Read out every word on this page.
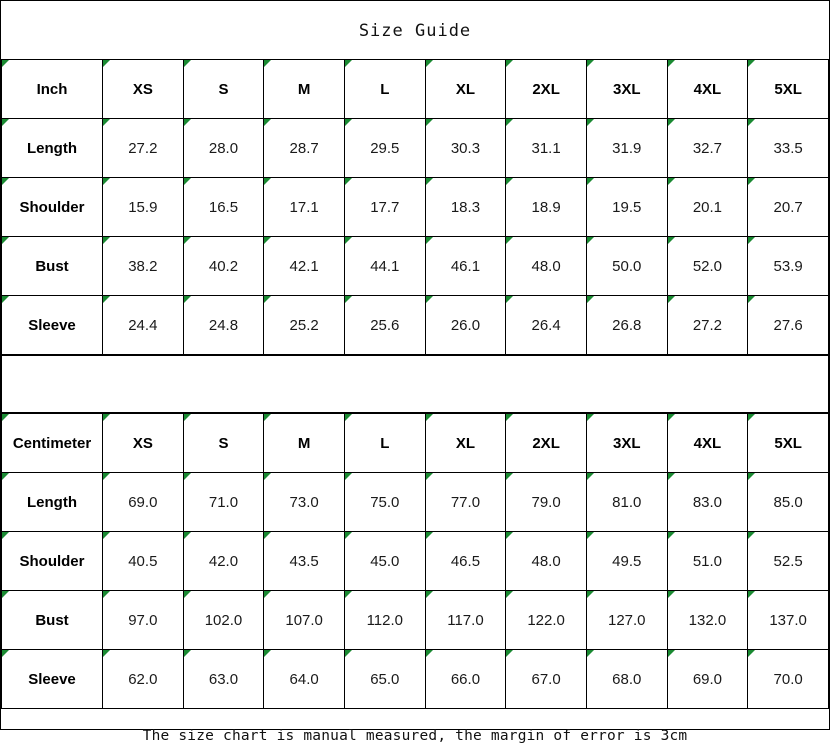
Size Guide
Inch	XS	S	M	L	XL	2XL	3XL	4XL	5XL
Length	27.2	28.0	28.7	29.5	30.3	31.1	31.9	32.7	33.5
Shoulder	15.9	16.5	17.1	17.7	18.3	18.9	19.5	20.1	20.7
Bust	38.2	40.2	42.1	44.1	46.1	48.0	50.0	52.0	53.9
Sleeve	24.4	24.8	25.2	25.6	26.0	26.4	26.8	27.2	27.6
Centimeter	XS	S	M	L	XL	2XL	3XL	4XL	5XL
Length	69.0	71.0	73.0	75.0	77.0	79.0	81.0	83.0	85.0
Shoulder	40.5	42.0	43.5	45.0	46.5	48.0	49.5	51.0	52.5
Bust	97.0	102.0	107.0	112.0	117.0	122.0	127.0	132.0	137.0
Sleeve	62.0	63.0	64.0	65.0	66.0	67.0	68.0	69.0	70.0
The size chart is manual measured, the margin of error is 3cm
